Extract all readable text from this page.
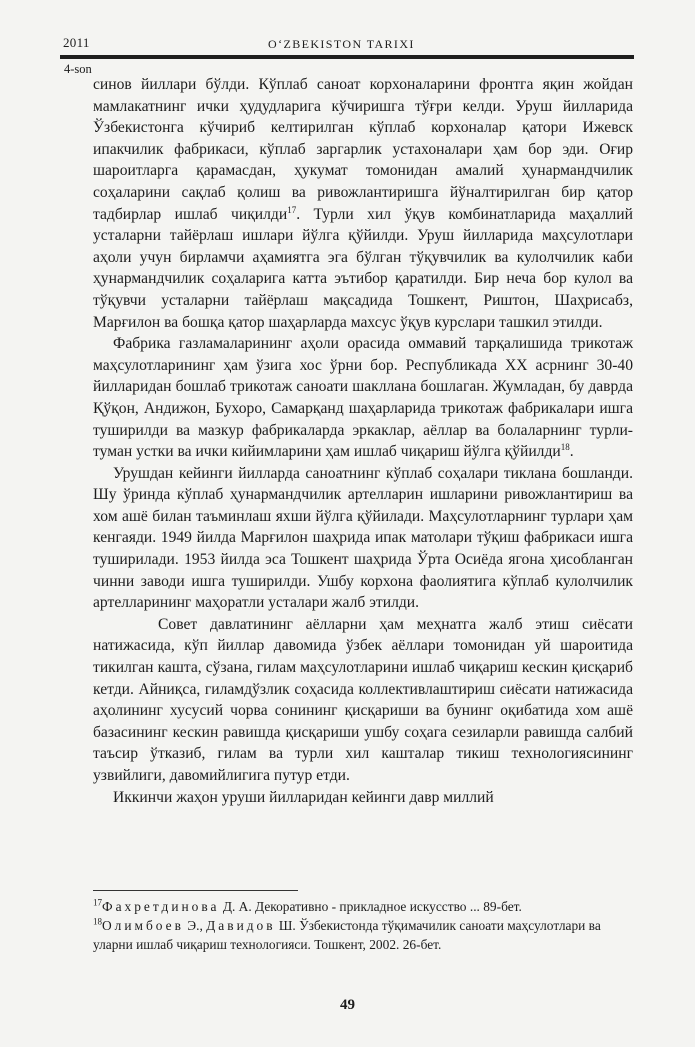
2011	O‘ZBEKISTON TARIXI
4-son

синов йиллари бўлди. Кўплаб саноат корхоналарини фронтга яқин жойдан мамлакатнинг ички ҳудудларига кўчиришга тўғри келди. Уруш йилларида Ўзбекистонга кўчириб келтирилган кўплаб корхоналар қатори Ижевск ипакчилик фабрикаси, кўплаб заргарлик устахоналари ҳам бор эди. Оғир шароитларга қарамасдан, ҳукумат томонидан амалий ҳунармандчилик соҳаларини сақлаб қолиш ва ривожлантиришга йўналтирилган бир қатор тадбирлар ишлаб чиқилди$^{17}$. Турли хил ўқув комбинатларида маҳаллий усталарни тайёрлаш ишлари йўлга қўйилди. Уруш йилларида маҳсулотлари аҳоли учун бирламчи аҳамиятга эга бўлган тўқувчилик ва кулолчилик каби ҳунармандчилик соҳаларига катта эътибор қаратилди. Бир неча бор кулол ва тўқувчи усталарни тайёрлаш мақсадида Тошкент, Риштон, Шаҳрисабз, Марғилон ва бошқа қатор шаҳарларда махсус ўқув курслари ташкил этилди.

Фабрика газламаларининг аҳоли орасида оммавий тарқалишида трикотаж маҳсулотларининг ҳам ўзига хос ўрни бор. Республикада XX асрнинг 30-40 йилларидан бошлаб трикотаж саноати шакллана бошлаган. Жумладан, бу даврда Қўқон, Андижон, Бухоро, Самарқанд шаҳарларида трикотаж фабрикалари ишга туширилди ва мазкур фабрикаларда эркаклар, аёллар ва болаларнинг турли-туман устки ва ички кийимларини ҳам ишлаб чиқариш йўлга қўйилди$^{18}$.

Урушдан кейинги йилларда саноатнинг кўплаб соҳалари тиклана бошланди. Шу ўринда кўплаб ҳунармандчилик артелларин ишларини ривожлантириш ва хом ашё билан таъминлаш яхши йўлга қўйилади. Маҳсулотларнинг турлари ҳам кенгаяди. 1949 йилда Марғилон шаҳрида ипак матолари тўқиш фабрикаси ишга туширилади. 1953 йилда эса Тошкент шаҳрида Ўрта Осиёда ягона ҳисобланган чинни заводи ишга туширилди. Ушбу корхона фаолиятига кўплаб кулолчилик артелларининг маҳоратли усталари жалб этилди.

Совет давлатининг аёлларни ҳам меҳнатга жалб этиш сиёсати натижасида, кўп йиллар давомида ўзбек аёллари томонидан уй шароитида тикилган кашта, сўзана, гилам маҳсулотларини ишлаб чиқариш кескин қисқариб кетди. Айниқса, гиламдўзлик соҳасида коллективлаштириш сиёсати натижасида аҳолининг хусусий чорва сонининг қисқариши ва бунинг оқибатида хом ашё базасининг кескин равишда қисқариши ушбу соҳага сезиларли равишда салбий таъсир ўтказиб, гилам ва турли хил кашталар тикиш технологиясининг узвийлиги, давомийлигига путур етди.

Иккинчи жаҳон уруши йилларидан кейинги давр миллий

$^{17}$Фахретдинова Д. А. Декоративно - прикладное искусство ... 89-бет.

$^{18}$Олимбоев Э., Давидов Ш. Ўзбекистонда тўқимачилик саноати маҳсулотлари ва уларни ишлаб чиқариш технологияси. Тошкент, 2002. 26-бет.

49
